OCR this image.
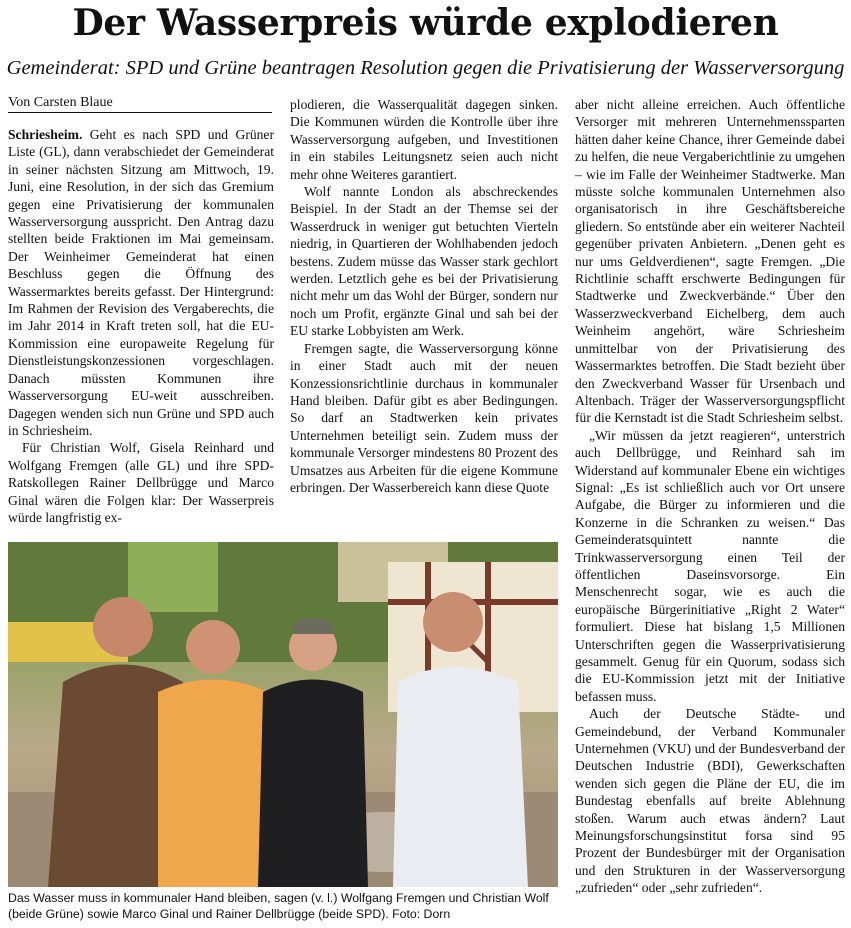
Der Wasserpreis würde explodieren
Gemeinderat: SPD und Grüne beantragen Resolution gegen die Privatisierung der Wasserversorgung
Von Carsten Blaue

Schriesheim. Geht es nach SPD und Grüner Liste (GL), dann verabschiedet der Gemeinderat in seiner nächsten Sitzung am Mittwoch, 19. Juni, eine Resolution, in der sich das Gremium gegen eine Privatisierung der kommunalen Wasserversorgung ausspricht. Den Antrag dazu stellten beide Fraktionen im Mai gemeinsam. Der Weinheimer Gemeinderat hat einen Beschluss gegen die Öffnung des Wassermarktes bereits gefasst. Der Hintergrund: Im Rahmen der Revision des Vergaberechts, die im Jahr 2014 in Kraft treten soll, hat die EU-Kommission eine europaweite Regelung für Dienstleistungskonzessionen vorgeschlagen. Danach müssten Kommunen ihre Wasserversorgung EU-weit ausschreiben. Dagegen wenden sich nun Grüne und SPD auch in Schriesheim.

Für Christian Wolf, Gisela Reinhard und Wolfgang Fremgen (alle GL) und ihre SPD-Ratskollegen Rainer Dellbrügge und Marco Ginal wären die Folgen klar: Der Wasserpreis würde langfristig ex-

plodieren, die Wasserqualität dagegen sinken. Die Kommunen würden die Kontrolle über ihre Wasserversorgung aufgeben, und Investitionen in ein stabiles Leitungsnetz seien auch nicht mehr ohne Weiteres garantiert.

Wolf nannte London als abschreckendes Beispiel. In der Stadt an der Themse sei der Wasserdruck in weniger gut betuchten Vierteln niedrig, in Quartieren der Wohlhabenden jedoch bestens. Zudem müsse das Wasser stark gechlort werden. Letztlich gehe es bei der Privatisierung nicht mehr um das Wohl der Bürger, sondern nur noch um Profit, ergänzte Ginal und sah bei der EU starke Lobbyisten am Werk.

Fremgen sagte, die Wasserversorgung könne in einer Stadt auch mit der neuen Konzessionsrichtlinie durchaus in kommunaler Hand bleiben. Dafür gibt es aber Bedingungen. So darf an Stadtwerken kein privates Unternehmen beteiligt sein. Zudem muss der kommunale Versorger mindestens 80 Prozent des Umsatzes aus Arbeiten für die eigene Kommune erbringen. Der Wasserbereich kann diese Quote

aber nicht alleine erreichen. Auch öffentliche Versorger mit mehreren Unternehmenssparten hätten daher keine Chance, ihrer Gemeinde dabei zu helfen, die neue Vergaberichtlinie zu umgehen – wie im Falle der Weinheimer Stadtwerke. Man müsste solche kommunalen Unternehmen also organisatorisch in ihre Geschäftsbereiche gliedern. So entstünde aber ein weiterer Nachteil gegenüber privaten Anbietern. „Denen geht es nur ums Geldverdienen“, sagte Fremgen. „Die Richtlinie schafft erschwerte Bedingungen für Stadtwerke und Zweckverbände.“ Über den Wasserzweckverband Eichelberg, dem auch Weinheim angehört, wäre Schriesheim unmittelbar von der Privatisierung des Wassermarktes betroffen. Die Stadt bezieht über den Zweckverband Wasser für Ursenbach und Altenbach. Träger der Wasserversorgungspflicht für die Kernstadt ist die Stadt Schriesheim selbst.

„Wir müssen da jetzt reagieren“, unterstrich auch Dellbrügge, und Reinhard sah im Widerstand auf kommunaler Ebene ein wichtiges Signal: „Es ist schließlich auch vor Ort unsere Aufgabe, die Bürger zu informieren und die Konzerne in die Schranken zu weisen.“ Das Gemeinderatsquintett nannte die Trinkwasserversorgung einen Teil der öffentlichen Daseinsvorsorge. Ein Menschenrecht sogar, wie es auch die europäische Bürgerinitiative „Right 2 Water“ formuliert. Diese hat bislang 1,5 Millionen Unterschriften gegen die Wasserprivatisierung gesammelt. Genug für ein Quorum, sodass sich die EU-Kommission jetzt mit der Initiative befassen muss.

Auch der Deutsche Städte- und Gemeindebund, der Verband Kommunaler Unternehmen (VKU) und der Bundesverband der Deutschen Industrie (BDI), Gewerkschaften wenden sich gegen die Pläne der EU, die im Bundestag ebenfalls auf breite Ablehnung stoßen. Warum auch etwas ändern? Laut Meinungsforschungsinstitut forsa sind 95 Prozent der Bundesbürger mit der Organisation und den Strukturen in der Wasserversorgung „zufrieden“ oder „sehr zufrieden“.

Das Wasser muss in kommunaler Hand bleiben, sagen (v. l.) Wolfgang Fremgen und Christian Wolf (beide Grüne) sowie Marco Ginal und Rainer Dellbrügge (beide SPD). Foto: Dorn
